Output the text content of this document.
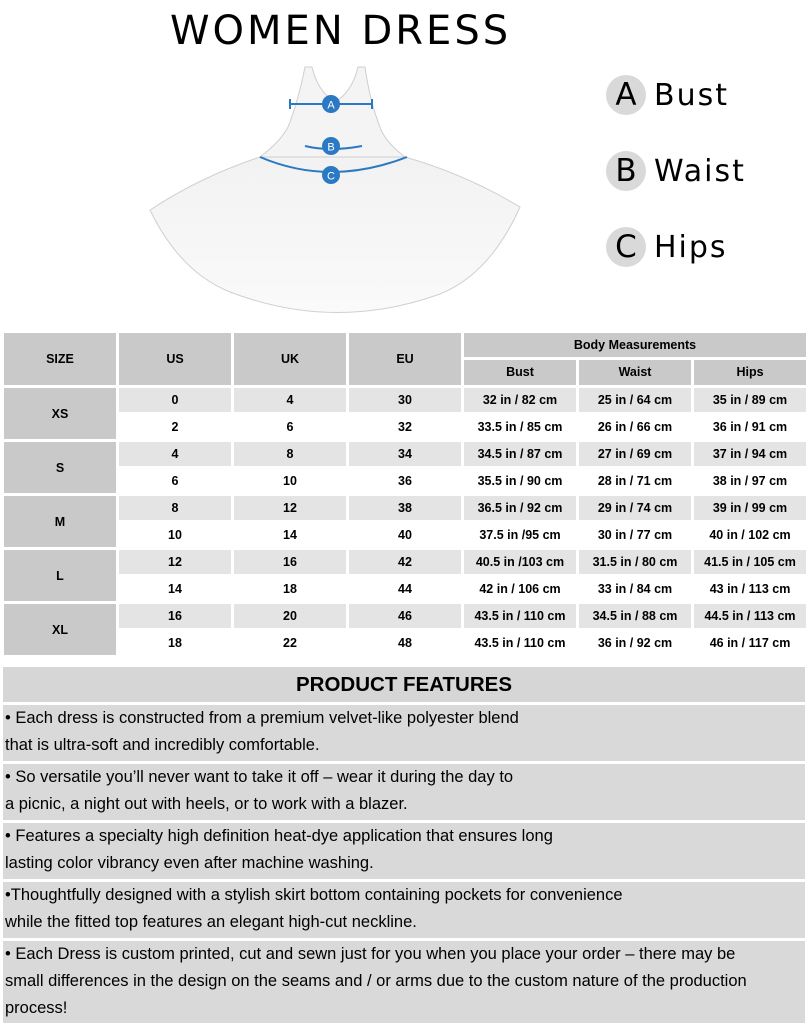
WOMEN DRESS
A
B
C
A Bust
B Waist
C Hips
SIZE	US	UK	EU	Body Measurements		
				Bust	Waist	Hips
XS	0	4	30	32 in / 82 cm	25 in / 64 cm	35 in / 89 cm
	2	6	32	33.5 in / 85 cm	26 in / 66 cm	36 in / 91 cm
S	4	8	34	34.5 in / 87 cm	27 in / 69 cm	37 in / 94 cm
	6	10	36	35.5 in / 90 cm	28 in / 71 cm	38 in / 97 cm
M	8	12	38	36.5 in / 92 cm	29 in / 74 cm	39 in / 99 cm
	10	14	40	37.5 in /95 cm	30 in / 77 cm	40 in / 102 cm
L	12	16	42	40.5 in /103 cm	31.5 in / 80 cm	41.5 in / 105 cm
	14	18	44	42 in / 106 cm	33 in / 84 cm	43 in / 113 cm
XL	16	20	46	43.5 in / 110 cm	34.5 in / 88 cm	44.5 in / 113 cm
	18	22	48	43.5 in / 110 cm	36 in / 92 cm	46 in / 117 cm
PRODUCT FEATURES
• Each dress is constructed from a premium velvet-like polyester blend
that is ultra-soft and incredibly comfortable.
• So versatile you’ll never want to take it off – wear it during the day to
a picnic, a night out with heels, or to work with a blazer.
• Features a specialty high definition heat-dye application that ensures long
lasting color vibrancy even after machine washing.
•Thoughtfully designed with a stylish skirt bottom containing pockets for convenience
while the fitted top features an elegant high-cut neckline.
• Each Dress is custom printed, cut and sewn just for you when you place your order – there may be
small differences in the design on the seams and / or arms due to the custom nature of the production
process!
